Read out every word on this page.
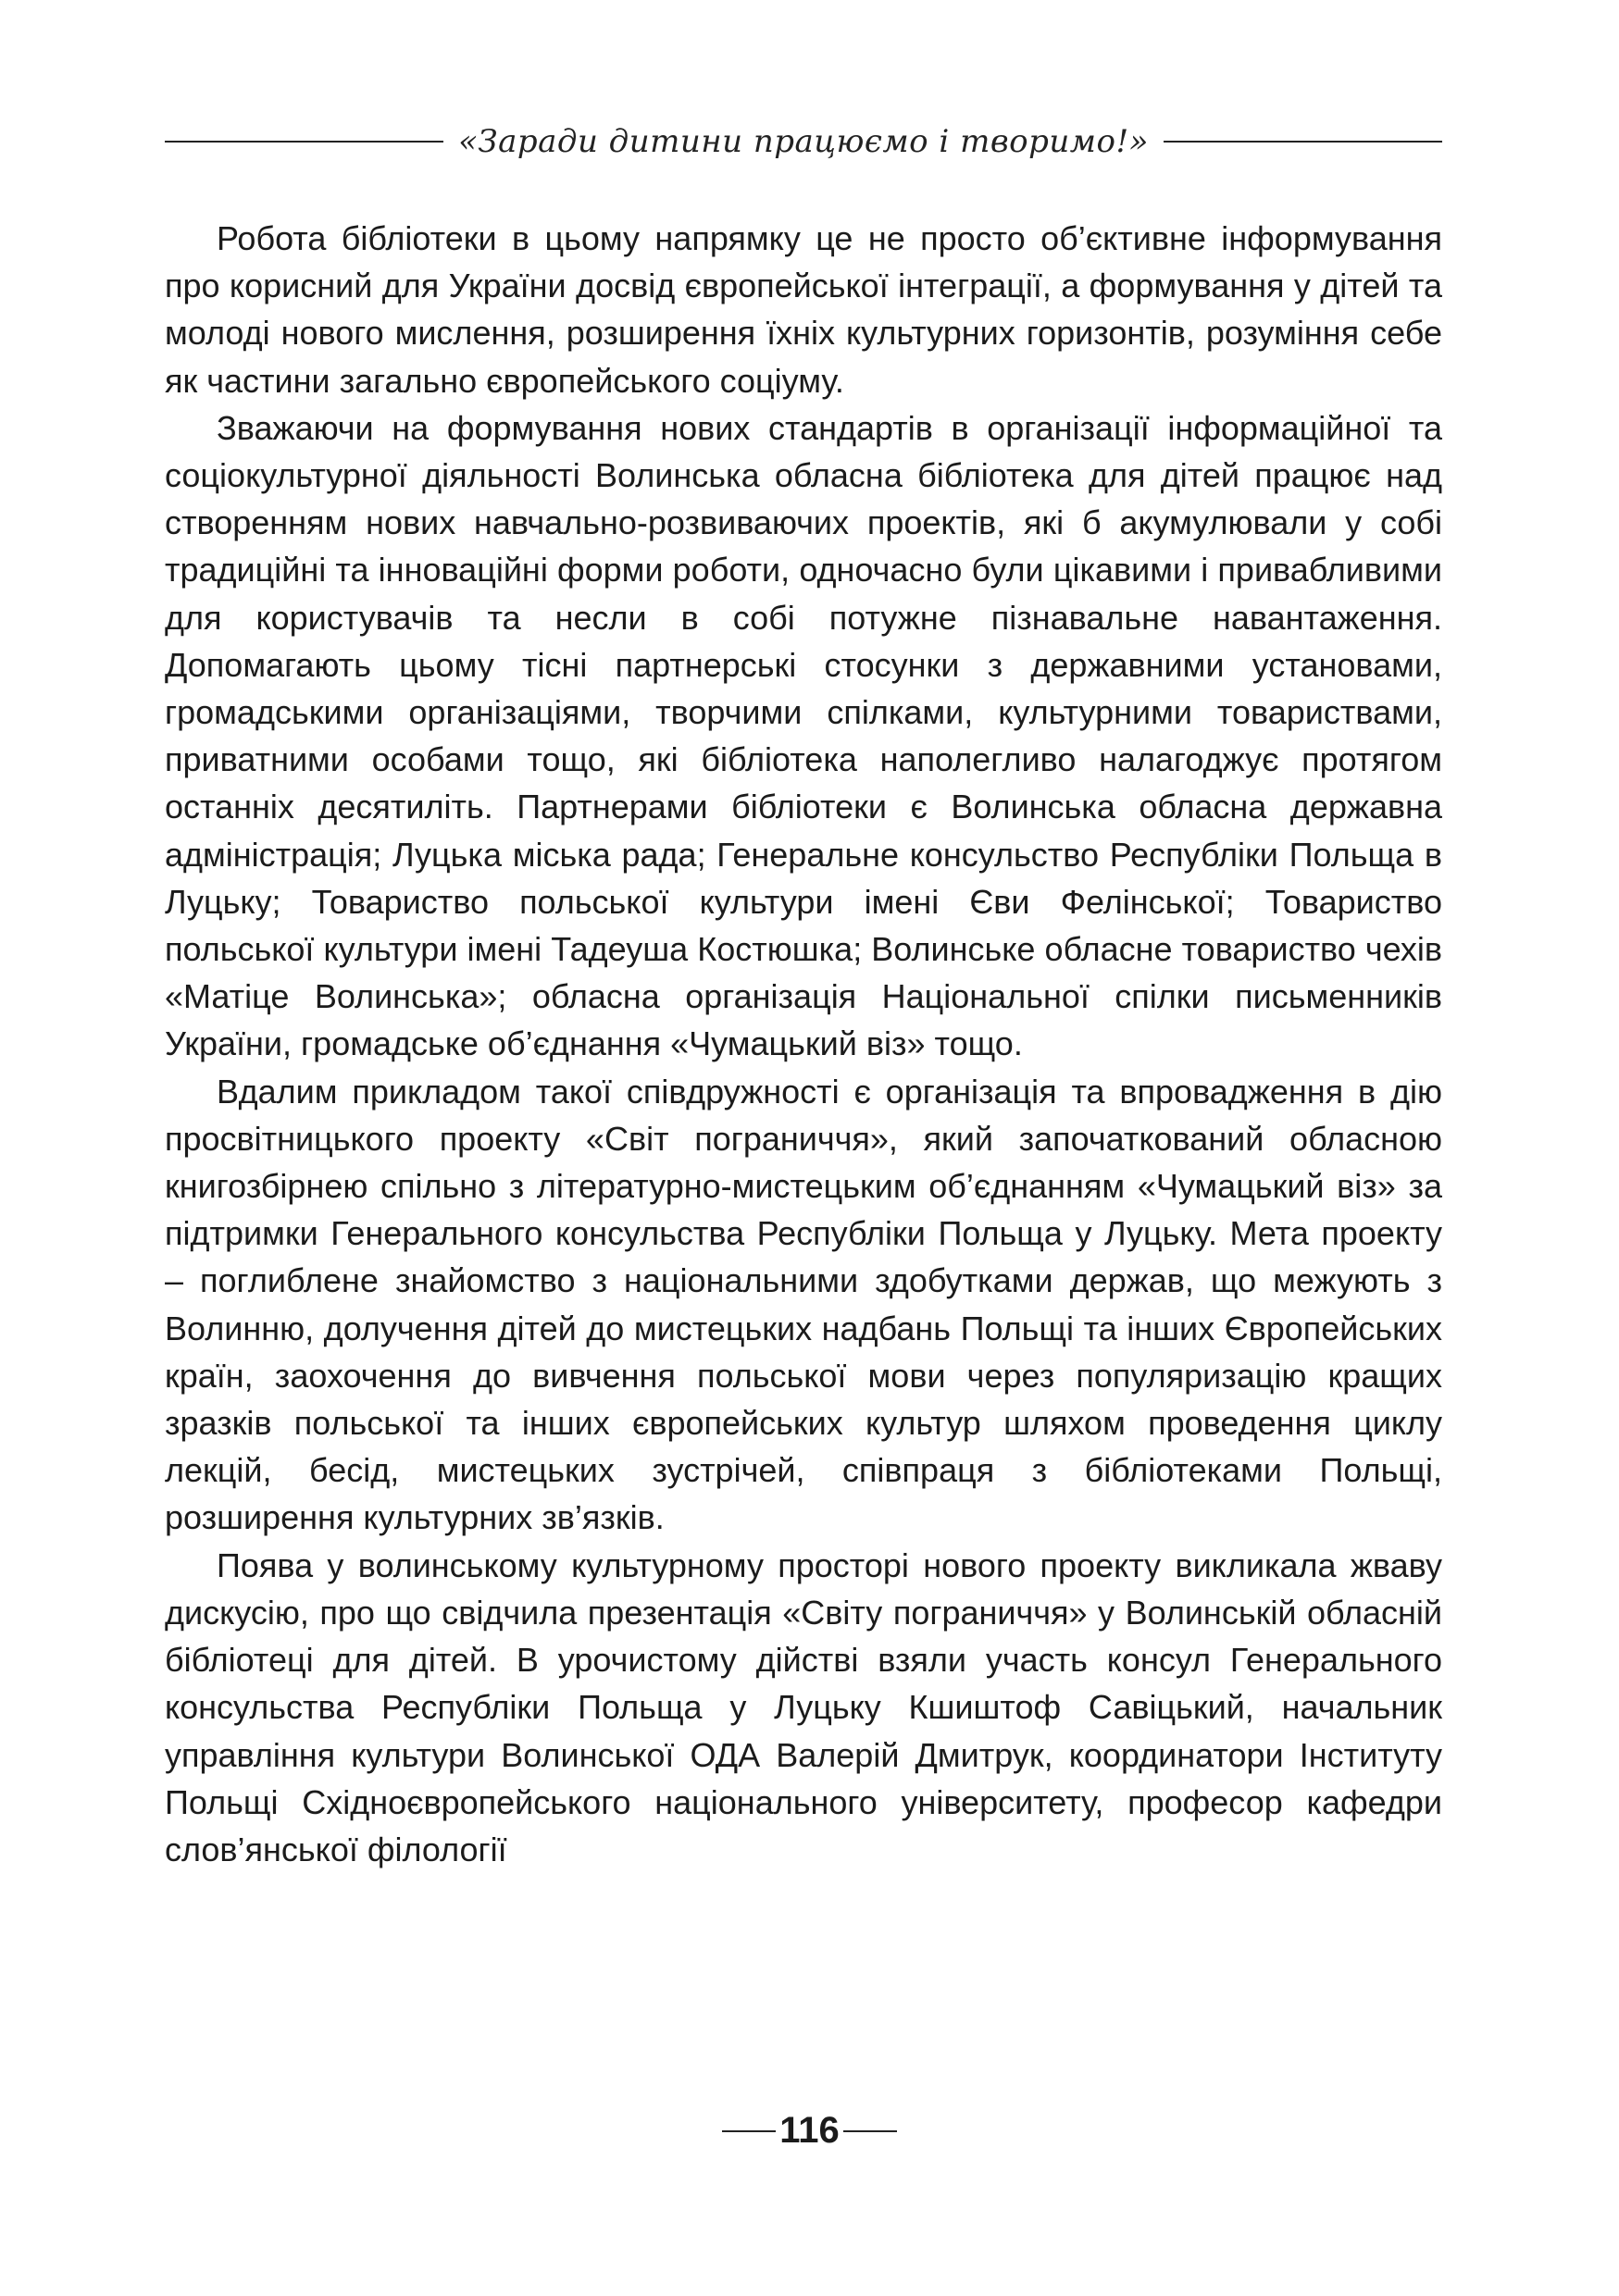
«Заради дитини працюємо і творимо!»

Робота бібліотеки в цьому напрямку це не просто об’єктивне інформування про корисний для України досвід європейської інтеграції, а формування у дітей та молоді нового мислення, розширення їхніх культурних горизонтів, розуміння себе як частини загально європейського соціуму.

Зважаючи на формування нових стандартів в організації інформаційної та соціокультурної діяльності Волинська обласна бібліотека для дітей працює над створенням нових навчально-розвиваючих проектів, які б акумулювали у собі традиційні та інноваційні форми роботи, одночасно були цікавими і привабливими для користувачів та несли в собі потужне пізнавальне навантаження. Допомагають цьому тісні партнерські стосунки з державними установами, громадськими організаціями, творчими спілками, культурними товариствами, приватними особами тощо, які бібліотека наполегливо налагоджує протягом останніх десятиліть. Партнерами бібліотеки є Волинська обласна державна адміністрація; Луцька міська рада; Генеральне консульство Республіки Польща в Луцьку; Товариство польської культури імені Єви Фелінської; Товариство польської культури імені Тадеуша Костюшка; Волинське обласне товариство чехів «Матіце Волинська»; обласна організація Національної спілки письменників України, громадське об’єднання «Чумацький віз» тощо.

Вдалим прикладом такої співдружності є організація та впровадження в дію просвітницького проекту «Світ пограниччя», який започаткований обласною книгозбірнею спільно з літературно-мистецьким об’єднанням «Чумацький віз» за підтримки Генерального консульства Республіки Польща у Луцьку. Мета проекту – поглиблене знайомство з національними здобутками держав, що межують з Волинню, долучення дітей до мистецьких надбань Польщі та інших Європейських країн, заохочення до вивчення польської мови через популяризацію кращих зразків польської та інших європейських культур шляхом проведення циклу лекцій, бесід, мистецьких зустрічей, співпраця з бібліотеками Польщі, розширення культурних зв’язків.

Поява у волинському культурному просторі нового проекту викликала жваву дискусію, про що свідчила презентація «Світу пограниччя» у Волинській обласній бібліотеці для дітей. В урочистому дійстві взяли участь консул Генерального консульства Республіки Польща у Луцьку Кшиштоф Савіцький, начальник управління культури Волинської ОДА Валерій Дмитрук, координатори Інституту Польщі Східноєвропейського національного університету, професор кафедри слов’янської філології

116
